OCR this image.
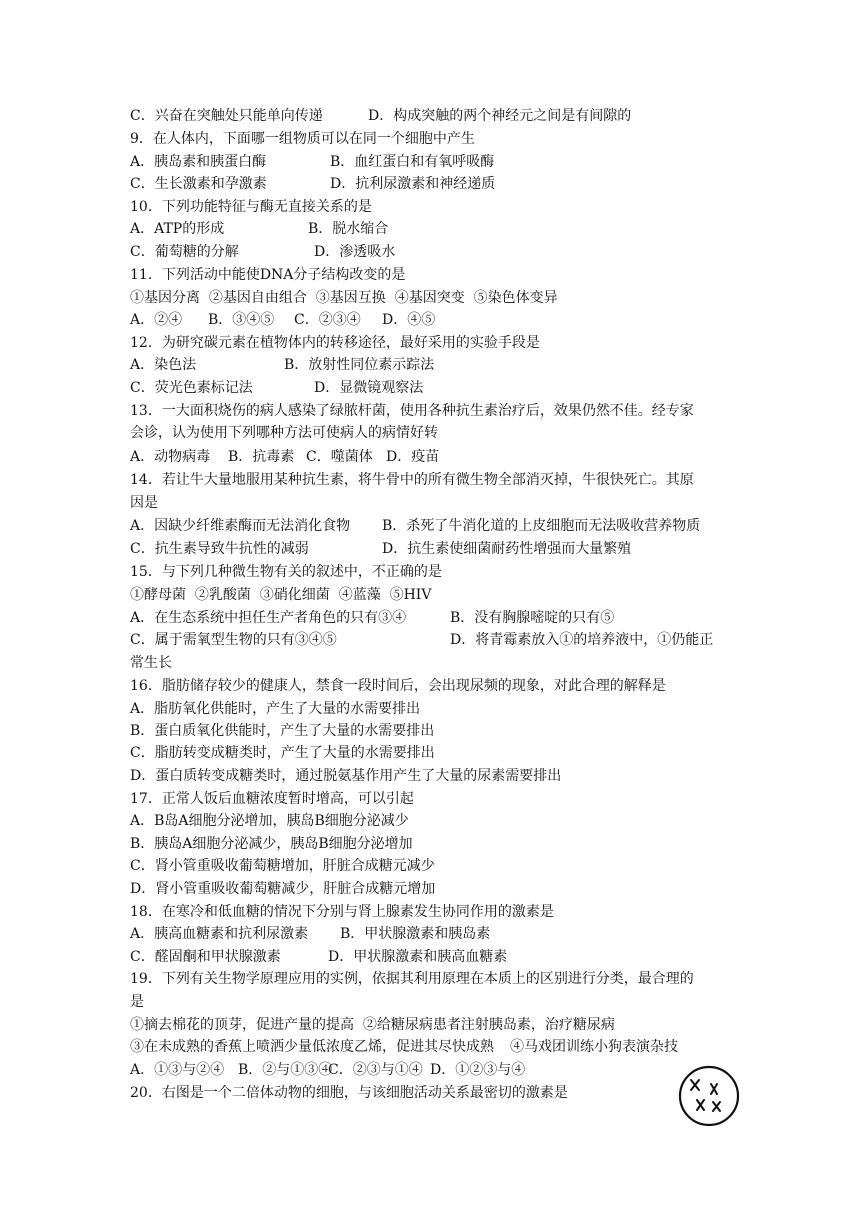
C．兴奋在突触处只能单向传递	D．构成突触的两个神经元之间是有间隙的
9．在人体内，下面哪一组物质可以在同一个细胞中产生
A．胰岛素和胰蛋白酶	B．血红蛋白和有氧呼吸酶
C．生长激素和孕激素	D．抗利尿激素和神经递质
10．下列功能特征与酶无直接关系的是
A．ATP的形成	B．脱水缩合
C．葡萄糖的分解	D．渗透吸水
11．下列活动中能使DNA分子结构改变的是
①基因分离  ②基因自由组合  ③基因互换  ④基因突变  ⑤染色体变异
A．②④ B．③④⑤ C．②③④ D．④⑤
12．为研究碳元素在植物体内的转移途径，最好采用的实验手段是
A．染色法	B．放射性同位素示踪法
C．荧光色素标记法	D．显微镜观察法
13．一大面积烧伤的病人感染了绿脓杆菌，使用各种抗生素治疗后，效果仍然不佳。经专家
会诊，认为使用下列哪种方法可使病人的病情好转
A．动物病毒 B．抗毒素 C．噬菌体 D．疫苗
14．若让牛大量地服用某种抗生素，将牛骨中的所有微生物全部消灭掉，牛很快死亡。其原
因是
A．因缺少纤维素酶而无法消化食物 B．杀死了牛消化道的上皮细胞而无法吸收营养物质
C．抗生素导致牛抗性的减弱	D．抗生素使细菌耐药性增强而大量繁殖
15．与下列几种微生物有关的叙述中，不正确的是
①酵母菌  ②乳酸菌  ③硝化细菌  ④蓝藻  ⑤HIV
A．在生态系统中担任生产者角色的只有③④	B．没有胸腺嘧啶的只有⑤
C．属于需氧型生物的只有③④⑤	D．将青霉素放入①的培养液中，①仍能正
常生长
16．脂肪储存较少的健康人，禁食一段时间后，会出现尿频的现象，对此合理的解释是
A．脂肪氧化供能时，产生了大量的水需要排出
B．蛋白质氧化供能时，产生了大量的水需要排出
C．脂肪转变成糖类时，产生了大量的水需要排出
D．蛋白质转变成糖类时，通过脱氨基作用产生了大量的尿素需要排出
17．正常人饭后血糖浓度暂时增高，可以引起
A．B岛A细胞分泌增加，胰岛B细胞分泌减少
B．胰岛A细胞分泌减少，胰岛B细胞分泌增加
C．肾小管重吸收葡萄糖增加，肝脏合成糖元减少
D．肾小管重吸收葡萄糖减少，肝脏合成糖元增加
18．在寒冷和低血糖的情况下分别与肾上腺素发生协同作用的激素是
A．胰高血糖素和抗利尿激素 B．甲状腺激素和胰岛素
C．醛固酮和甲状腺激素	D．甲状腺激素和胰高血糖素
19．下列有关生物学原理应用的实例，依据其利用原理在本质上的区别进行分类，最合理的
是
①摘去棉花的顶芽，促进产量的提高  ②给糖尿病患者注射胰岛素，治疗糖尿病
③在未成熟的香蕉上喷洒少量低浓度乙烯，促进其尽快成熟 ④马戏团训练小狗表演杂技
A．①③与②④ B．②与①③④
C．②③与①④ D．①②③与④
20．右图是一个二倍体动物的细胞，与该细胞活动关系最密切的激素是
